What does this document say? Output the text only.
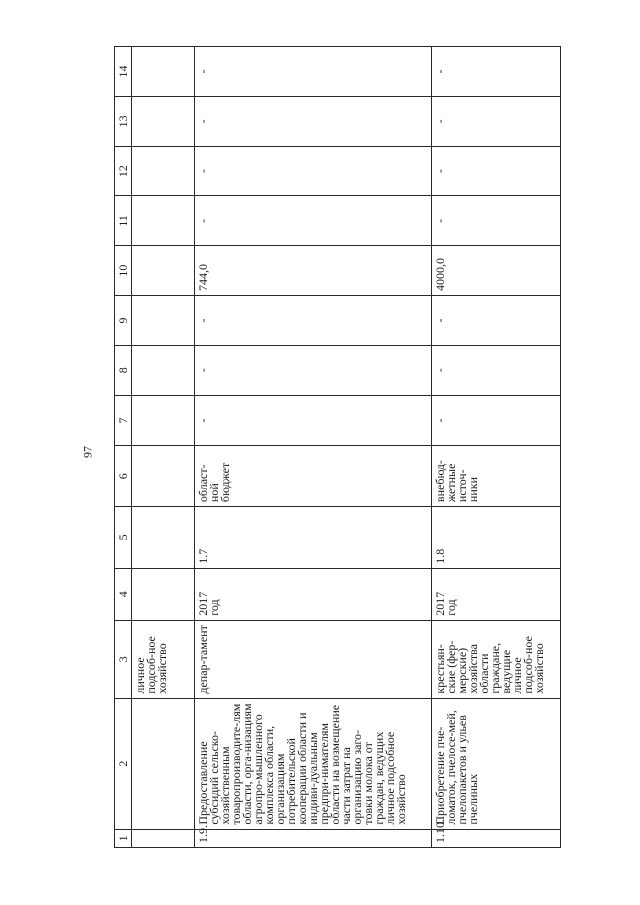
97
1	2	3	4	5	6	7	8	9	10	11	12	13	14
		личное подсоб-ное хозяйство											
1.9.	Предоставление субсидий сельско-хозяйственным товаропроизводите-лям области, орга-низациям агропро-мышленного комплекса области, организациям потребительской кооперации области и индиви-дуальным предпри-нимателям области на возмещение части затрат на организацию заго-товки молока от граждан, ведущих личное подсобное хозяйство	депар-тамент	2017 год	1.7	област-ной бюджет	-	-	-	744,0	-	-	-	-
1.10.	Приобретение пче-ломаток, пчелосе-мей, пчелопакетов и ульев пчелиных	крестьян-ские (фер-мерские) хозяйства области граждане, ведущие личное подсоб-ное хозяйство	2017 год	1.8	внебюд-жетные источ-ники	-	-	-	4000,0	-	-	-	-
